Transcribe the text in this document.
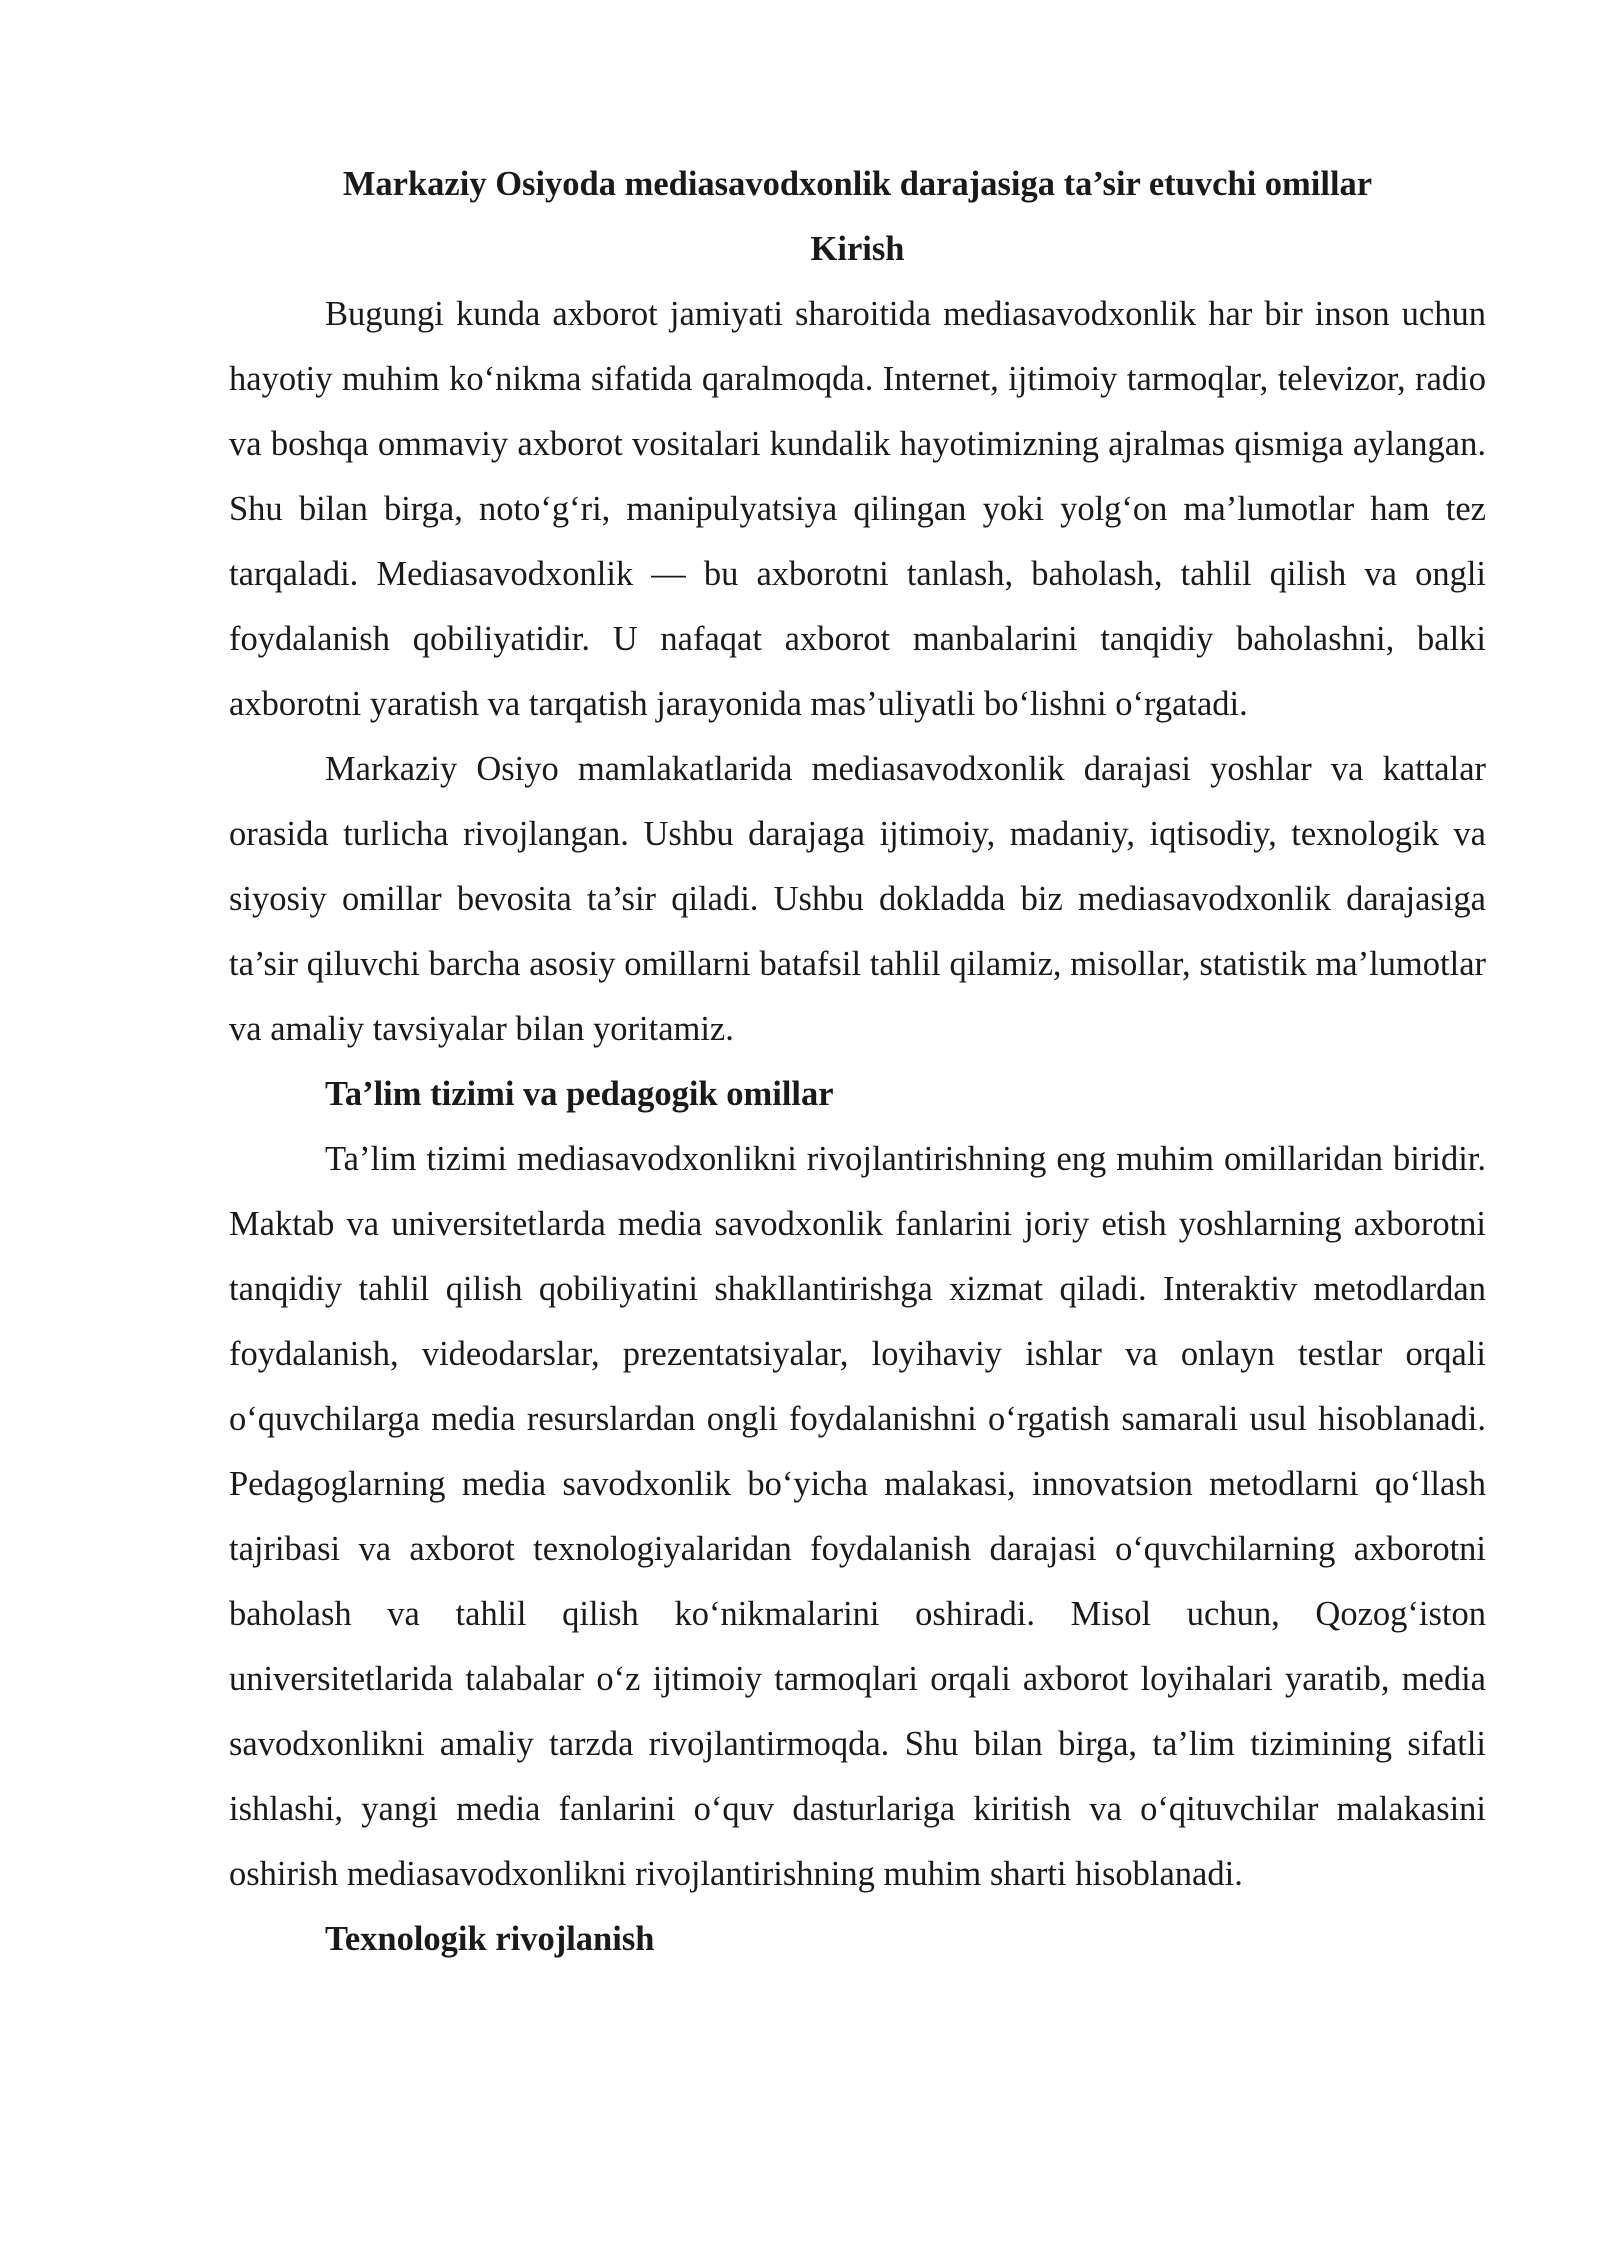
Markaziy Osiyoda mediasavodxonlik darajasiga ta’sir etuvchi omillar

Kirish

Bugungi kunda axborot jamiyati sharoitida mediasavodxonlik har bir inson uchun hayotiy muhim ko‘nikma sifatida qaralmoqda. Internet, ijtimoiy tarmoqlar, televizor, radio va boshqa ommaviy axborot vositalari kundalik hayotimizning ajralmas qismiga aylangan. Shu bilan birga, noto‘g‘ri, manipulyatsiya qilingan yoki yolg‘on ma’lumotlar ham tez tarqaladi. Mediasavodxonlik — bu axborotni tanlash, baholash, tahlil qilish va ongli foydalanish qobiliyatidir. U nafaqat axborot manbalarini tanqidiy baholashni, balki axborotni yaratish va tarqatish jarayonida mas’uliyatli bo‘lishni o‘rgatadi.

Markaziy Osiyo mamlakatlarida mediasavodxonlik darajasi yoshlar va kattalar orasida turlicha rivojlangan. Ushbu darajaga ijtimoiy, madaniy, iqtisodiy, texnologik va siyosiy omillar bevosita ta’sir qiladi. Ushbu dokladda biz mediasavodxonlik darajasiga ta’sir qiluvchi barcha asosiy omillarni batafsil tahlil qilamiz, misollar, statistik ma’lumotlar va amaliy tavsiyalar bilan yoritamiz.

Ta’lim tizimi va pedagogik omillar

Ta’lim tizimi mediasavodxonlikni rivojlantirishning eng muhim omillaridan biridir. Maktab va universitetlarda media savodxonlik fanlarini joriy etish yoshlarning axborotni tanqidiy tahlil qilish qobiliyatini shakllantirishga xizmat qiladi. Interaktiv metodlardan foydalanish, videodarslar, prezentatsiyalar, loyihaviy ishlar va onlayn testlar orqali o‘quvchilarga media resurslardan ongli foydalanishni o‘rgatish samarali usul hisoblanadi. Pedagoglarning media savodxonlik bo‘yicha malakasi, innovatsion metodlarni qo‘llash tajribasi va axborot texnologiyalaridan foydalanish darajasi o‘quvchilarning axborotni baholash va tahlil qilish ko‘nikmalarini oshiradi. Misol uchun, Qozog‘iston universitetlarida talabalar o‘z ijtimoiy tarmoqlari orqali axborot loyihalari yaratib, media savodxonlikni amaliy tarzda rivojlantirmoqda. Shu bilan birga, ta’lim tizimining sifatli ishlashi, yangi media fanlarini o‘quv dasturlariga kiritish va o‘qituvchilar malakasini oshirish mediasavodxonlikni rivojlantirishning muhim sharti hisoblanadi.

Texnologik rivojlanish
